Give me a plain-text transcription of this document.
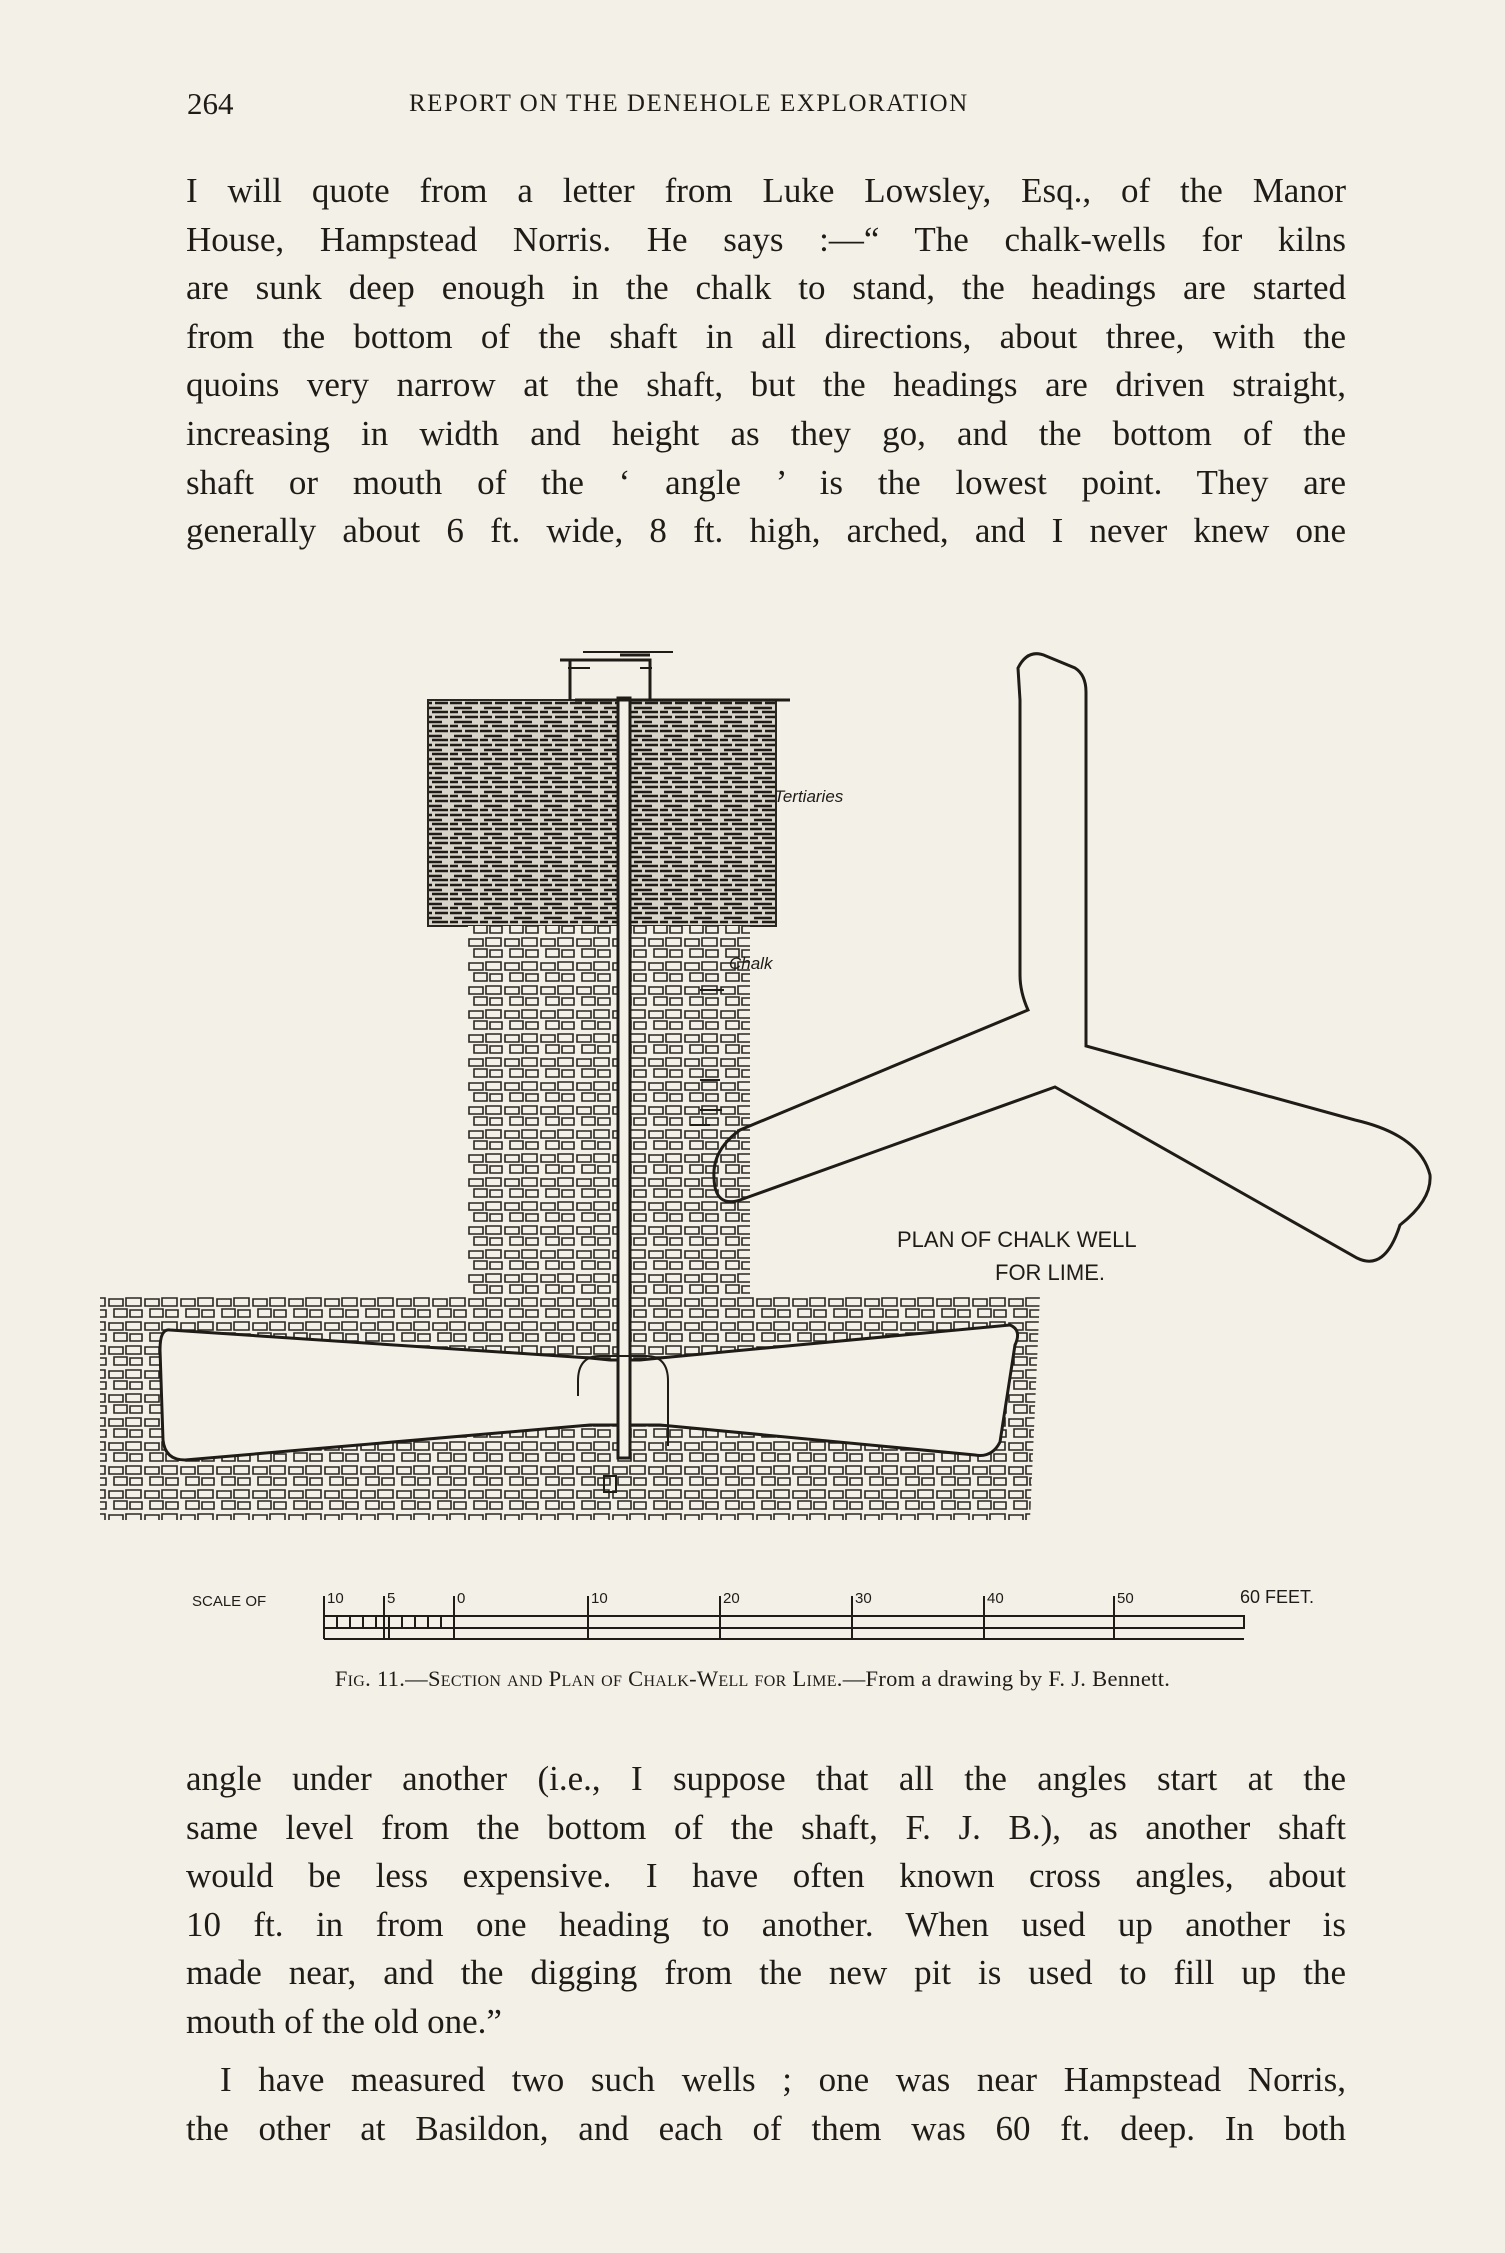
264	REPORT ON THE DENEHOLE EXPLORATION

I will quote from a letter from Luke Lowsley, Esq., of the Manor
House, Hampstead Norris. He says :—“ The chalk-wells for kilns
are sunk deep enough in the chalk to stand, the headings are started
from the bottom of the shaft in all directions, about three, with the
quoins very narrow at the shaft, but the headings are driven straight,
increasing in width and height as they go, and the bottom of the
shaft or mouth of the ‘ angle ’ is the lowest point. They are
generally about 6 ft. wide, 8 ft. high, arched, and I never knew one

Tertiaries
Chalk
PLAN OF CHALK WELL
FOR LIME.
SCALE OF	10	5	0	10	20	30	40	50	60 FEET.
Fig. 11.—Section and Plan of Chalk-Well for Lime.—From a drawing by F. J. Bennett.

angle under another (i.e., I suppose that all the angles start at the
same level from the bottom of the shaft, F. J. B.), as another shaft
would be less expensive. I have often known cross angles, about
10 ft. in from one heading to another. When used up another is
made near, and the digging from the new pit is used to fill up the
mouth of the old one.”

I have measured two such wells ; one was near Hampstead Norris,
the other at Basildon, and each of them was 60 ft. deep. In both
